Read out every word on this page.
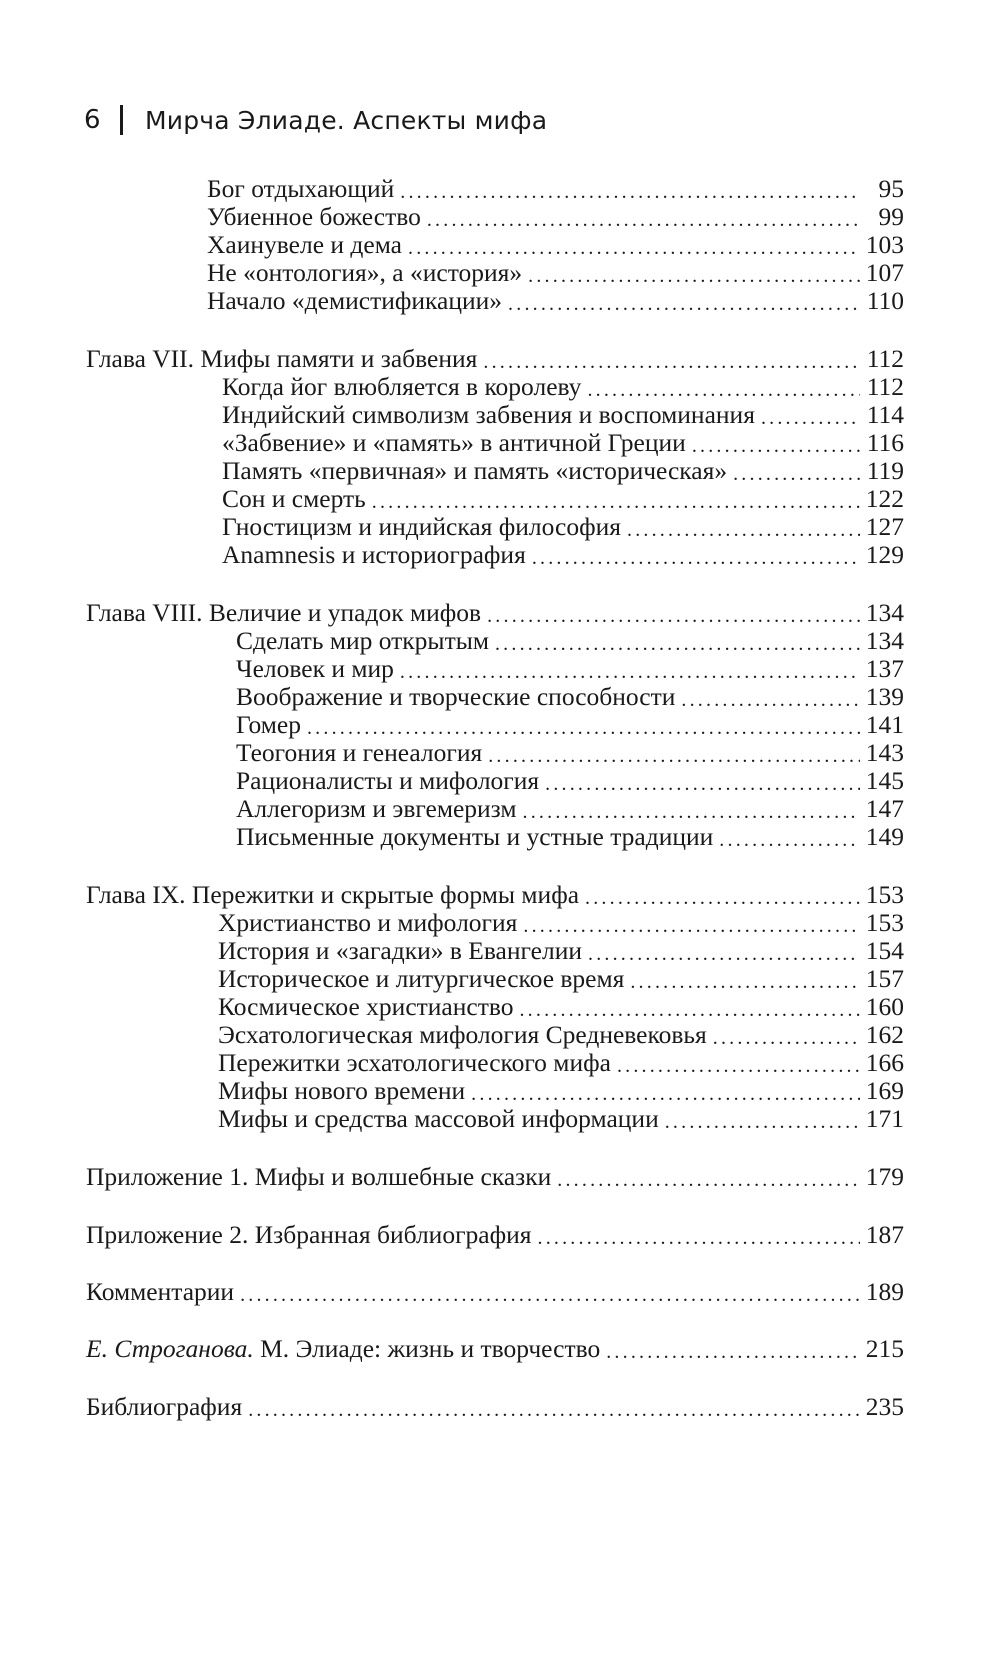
6 Мирча Элиаде. Аспекты мифа
Бог отдыхающий .....	95
Убиенное божество .....	99
Хаинувеле и дема .....	103
Не «онтология», а «история» .....	107
Начало «демистификации» .....	110
Глава VII. Мифы памяти и забвения .....	112
Когда йог влюбляется в королеву .....	112
Индийский символизм забвения и воспоминания .....	114
«Забвение» и «память» в античной Греции .....	116
Память «первичная» и память «историческая» .....	119
Сон и смерть .....	122
Гностицизм и индийская философия .....	127
Anamnesis и историография .....	129
Глава VIII. Величие и упадок мифов .....	134
Сделать мир открытым .....	134
Человек и мир .....	137
Воображение и творческие способности .....	139
Гомер .....	141
Теогония и генеалогия .....	143
Рационалисты и мифология .....	145
Аллегоризм и эвгемеризм .....	147
Письменные документы и устные традиции .....	149
Глава IX. Пережитки и скрытые формы мифа .....	153
Христианство и мифология .....	153
История и «загадки» в Евангелии .....	154
Историческое и литургическое время .....	157
Космическое христианство .....	160
Эсхатологическая мифология Средневековья .....	162
Пережитки эсхатологического мифа .....	166
Мифы нового времени .....	169
Мифы и средства массовой информации .....	171
Приложение 1. Мифы и волшебные сказки .....	179
Приложение 2. Избранная библиография .....	187
Комментарии .....	189
Е. Строганова. М. Элиаде: жизнь и творчество .....	215
Библиография .....	235
